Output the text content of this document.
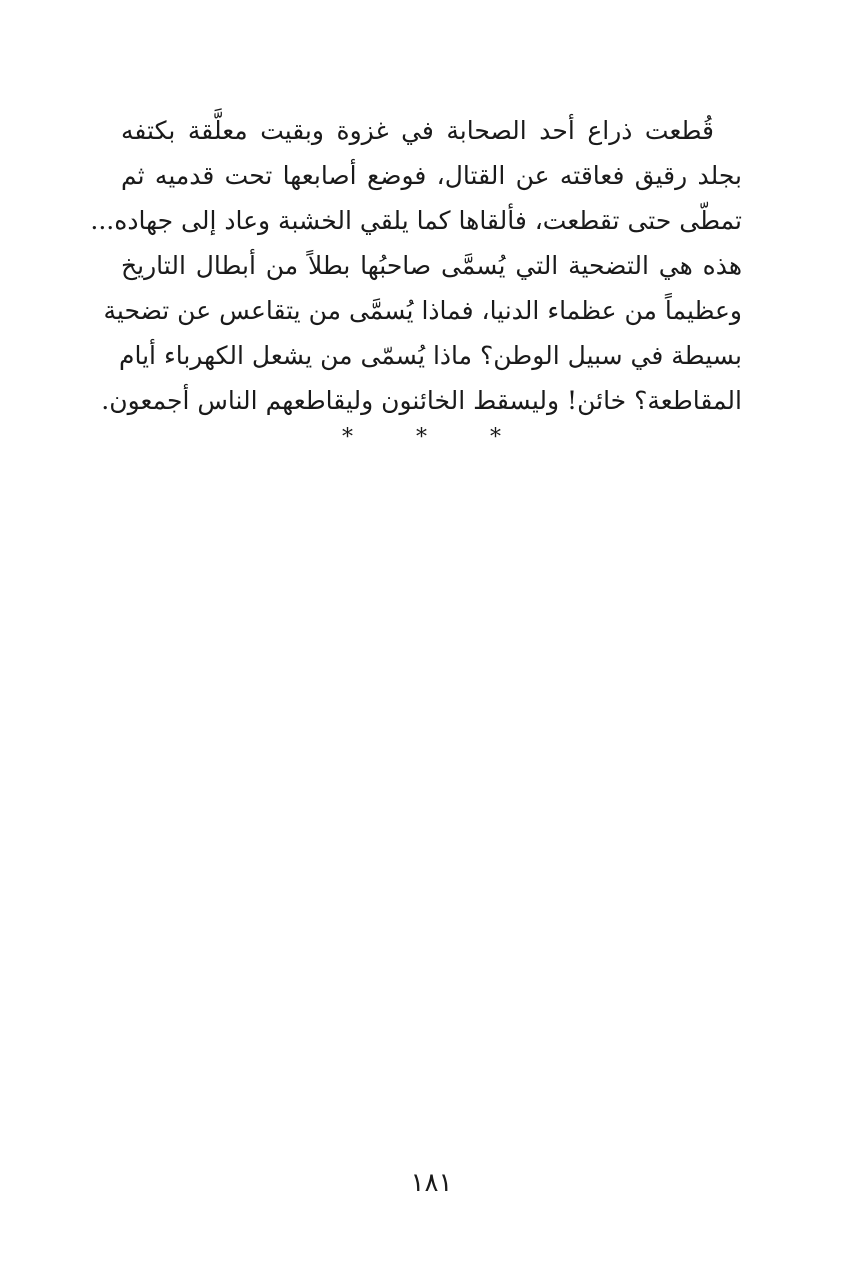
قُطعت ذراع أحد الصحابة في غزوة وبقيت معلَّقة بكتفه
بجلد رقيق فعاقته عن القتال، فوضع أصابعها تحت قدميه ثم
تمطّى حتى تقطعت، فألقاها كما يلقي الخشبة وعاد إلى جهاده...
هذه هي التضحية التي يُسمَّى صاحبُها بطلاً من أبطال التاريخ
وعظيماً من عظماء الدنيا، فماذا يُسمَّى من يتقاعس عن تضحية
بسيطة في سبيل الوطن؟ ماذا يُسمّى من يشعل الكهرباء أيام
المقاطعة؟ خائن! وليسقط الخائنون وليقاطعهم الناس أجمعون.
* * *
١٨١
